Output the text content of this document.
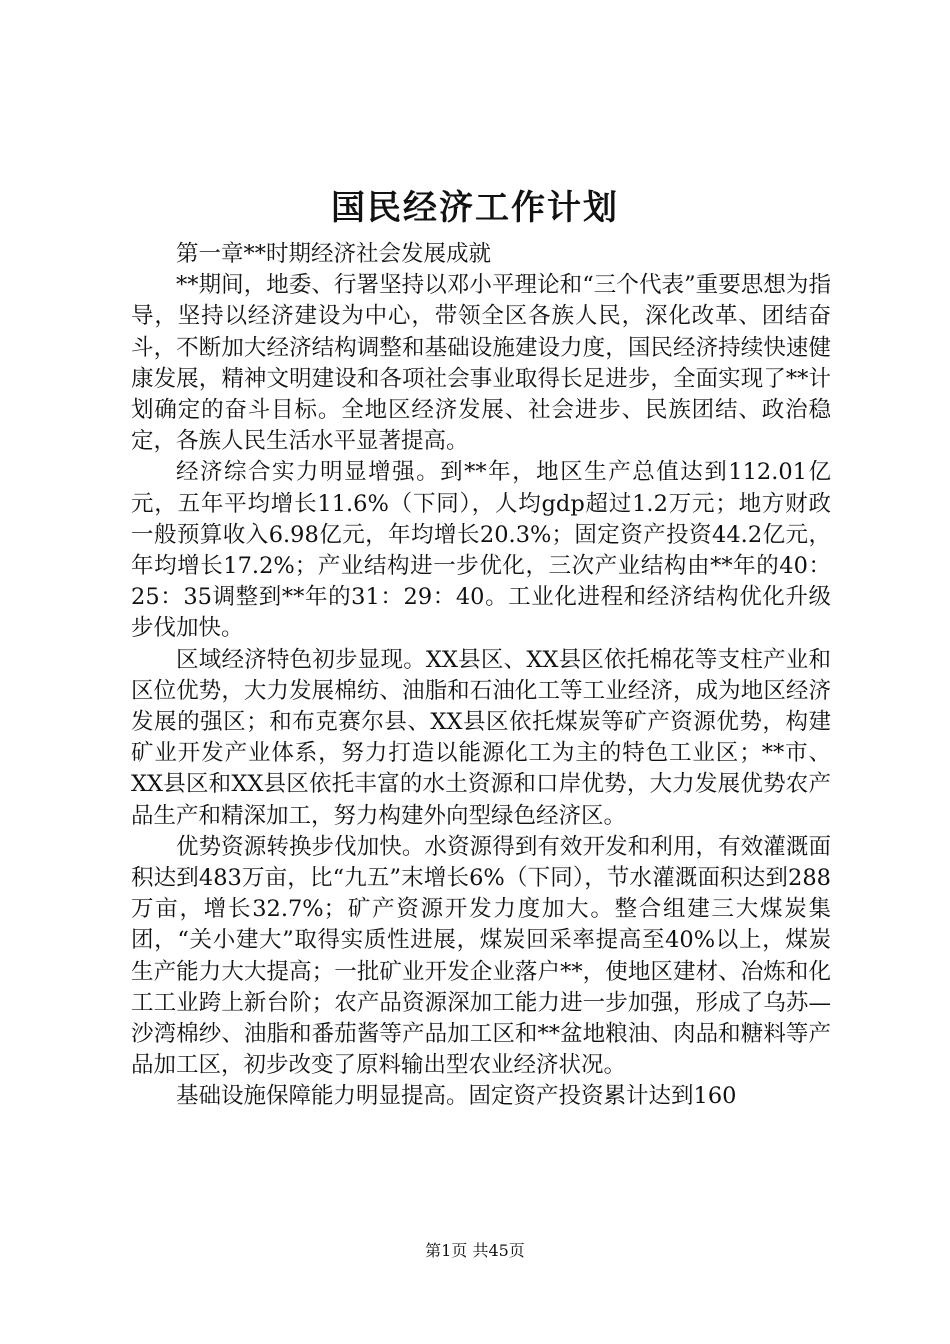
国民经济工作计划

第一章**时期经济社会发展成就

**期间，地委、行署坚持以邓小平理论和“三个代表”重要思想为指导，坚持以经济建设为中心，带领全区各族人民，深化改革、团结奋斗，不断加大经济结构调整和基础设施建设力度，国民经济持续快速健康发展，精神文明建设和各项社会事业取得长足进步，全面实现了**计划确定的奋斗目标。全地区经济发展、社会进步、民族团结、政治稳定，各族人民生活水平显著提高。

经济综合实力明显增强。到**年，地区生产总值达到112.01亿元，五年平均增长11.6%（下同），人均gdp超过1.2万元；地方财政一般预算收入6.98亿元，年均增长20.3%；固定资产投资44.2亿元，年均增长17.2%；产业结构进一步优化，三次产业结构由**年的40：25：35调整到**年的31：29：40。工业化进程和经济结构优化升级步伐加快。

区域经济特色初步显现。XX县区、XX县区依托棉花等支柱产业和区位优势，大力发展棉纺、油脂和石油化工等工业经济，成为地区经济发展的强区；和布克赛尔县、XX县区依托煤炭等矿产资源优势，构建矿业开发产业体系，努力打造以能源化工为主的特色工业区；**市、XX县区和XX县区依托丰富的水土资源和口岸优势，大力发展优势农产品生产和精深加工，努力构建外向型绿色经济区。

优势资源转换步伐加快。水资源得到有效开发和利用，有效灌溉面积达到483万亩，比“九五”末增长6%（下同），节水灌溉面积达到288万亩，增长32.7%；矿产资源开发力度加大。整合组建三大煤炭集团，“关小建大”取得实质性进展，煤炭回采率提高至40%以上，煤炭生产能力大大提高；一批矿业开发企业落户**，使地区建材、冶炼和化工工业跨上新台阶；农产品资源深加工能力进一步加强，形成了乌苏—沙湾棉纱、油脂和番茄酱等产品加工区和**盆地粮油、肉品和糖料等产品加工区，初步改变了原料输出型农业经济状况。

基础设施保障能力明显提高。固定资产投资累计达到160

第1页 共45页
